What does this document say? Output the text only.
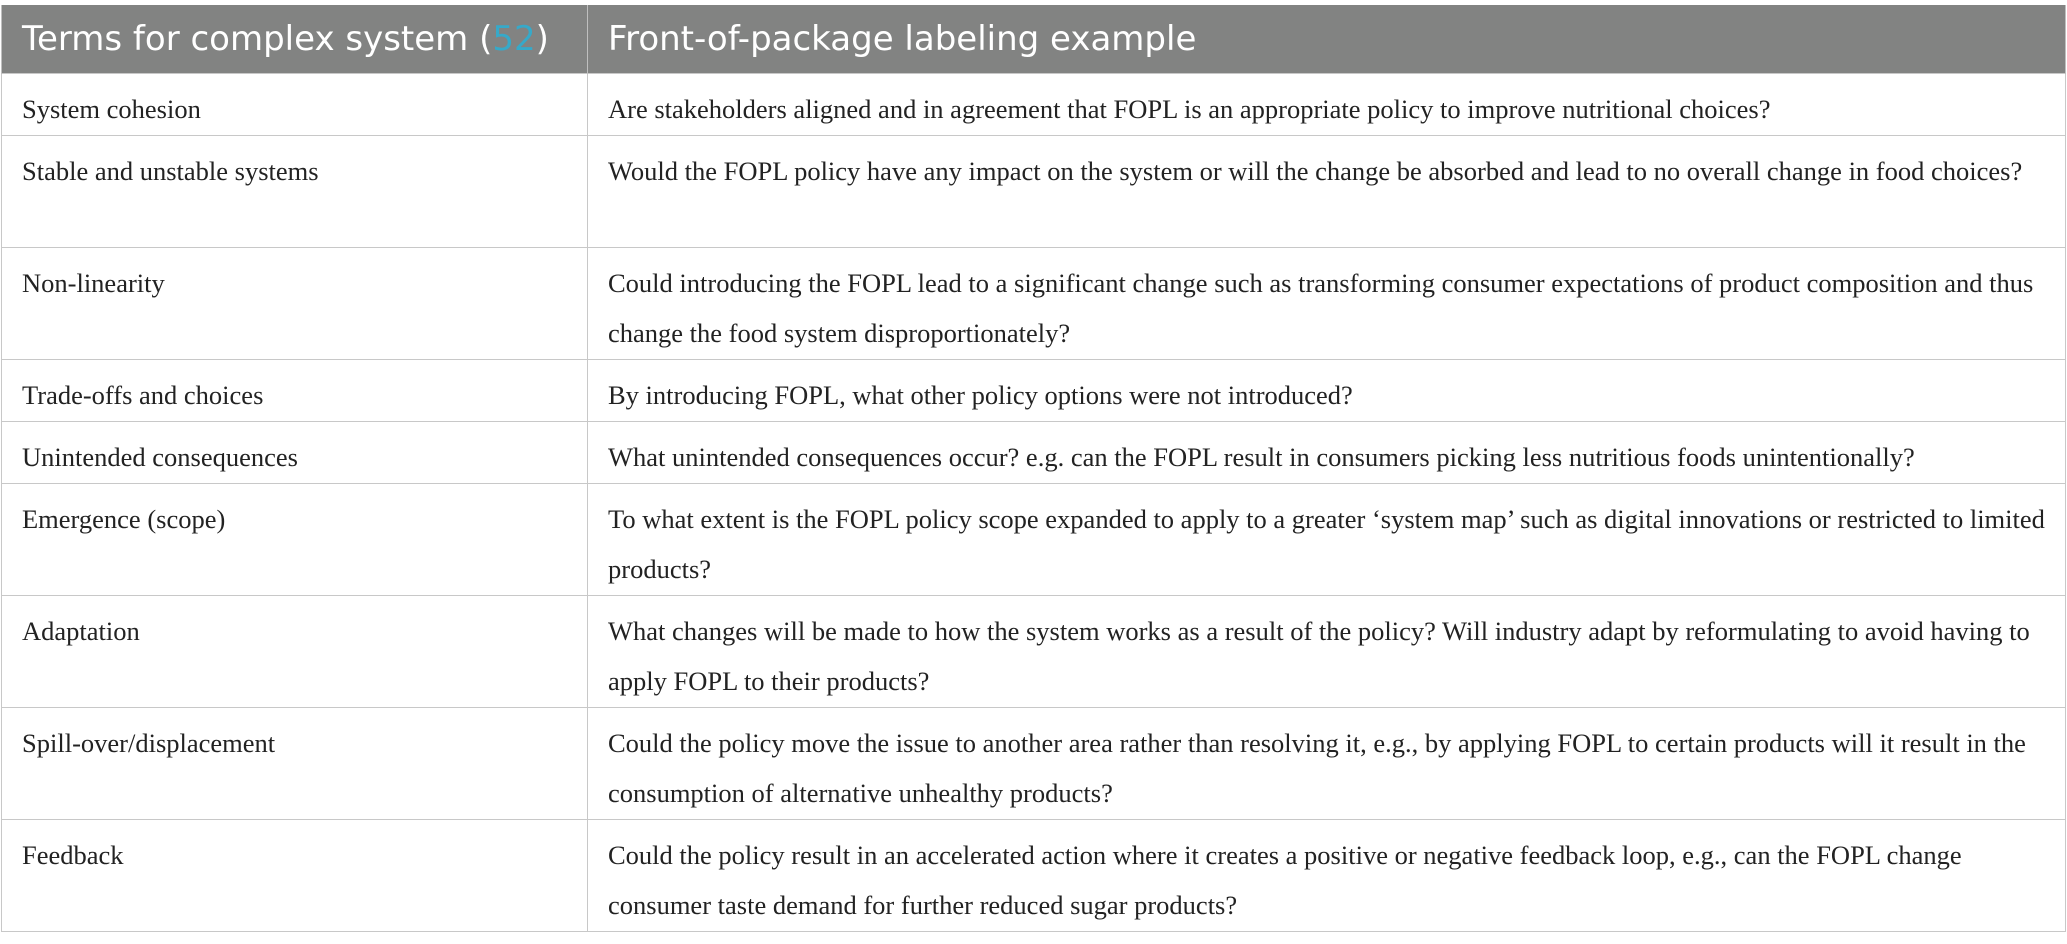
Terms for complex system (52)	Front-of-package labeling example
System cohesion	Are stakeholders aligned and in agreement that FOPL is an appropriate policy to improve nutritional choices?
Stable and unstable systems	Would the FOPL policy have any impact on the system or will the change be absorbed and lead to no overall change in food choices?
Non-linearity	Could introducing the FOPL lead to a significant change such as transforming consumer expectations of product composition and thus change the food system disproportionately?
Trade-offs and choices	By introducing FOPL, what other policy options were not introduced?
Unintended consequences	What unintended consequences occur? e.g. can the FOPL result in consumers picking less nutritious foods unintentionally?
Emergence (scope)	To what extent is the FOPL policy scope expanded to apply to a greater ‘system map’ such as digital innovations or restricted to limited products?
Adaptation	What changes will be made to how the system works as a result of the policy? Will industry adapt by reformulating to avoid having to apply FOPL to their products?
Spill-over/displacement	Could the policy move the issue to another area rather than resolving it, e.g., by applying FOPL to certain products will it result in the consumption of alternative unhealthy products?
Feedback	Could the policy result in an accelerated action where it creates a positive or negative feedback loop, e.g., can the FOPL change consumer taste demand for further reduced sugar products?
